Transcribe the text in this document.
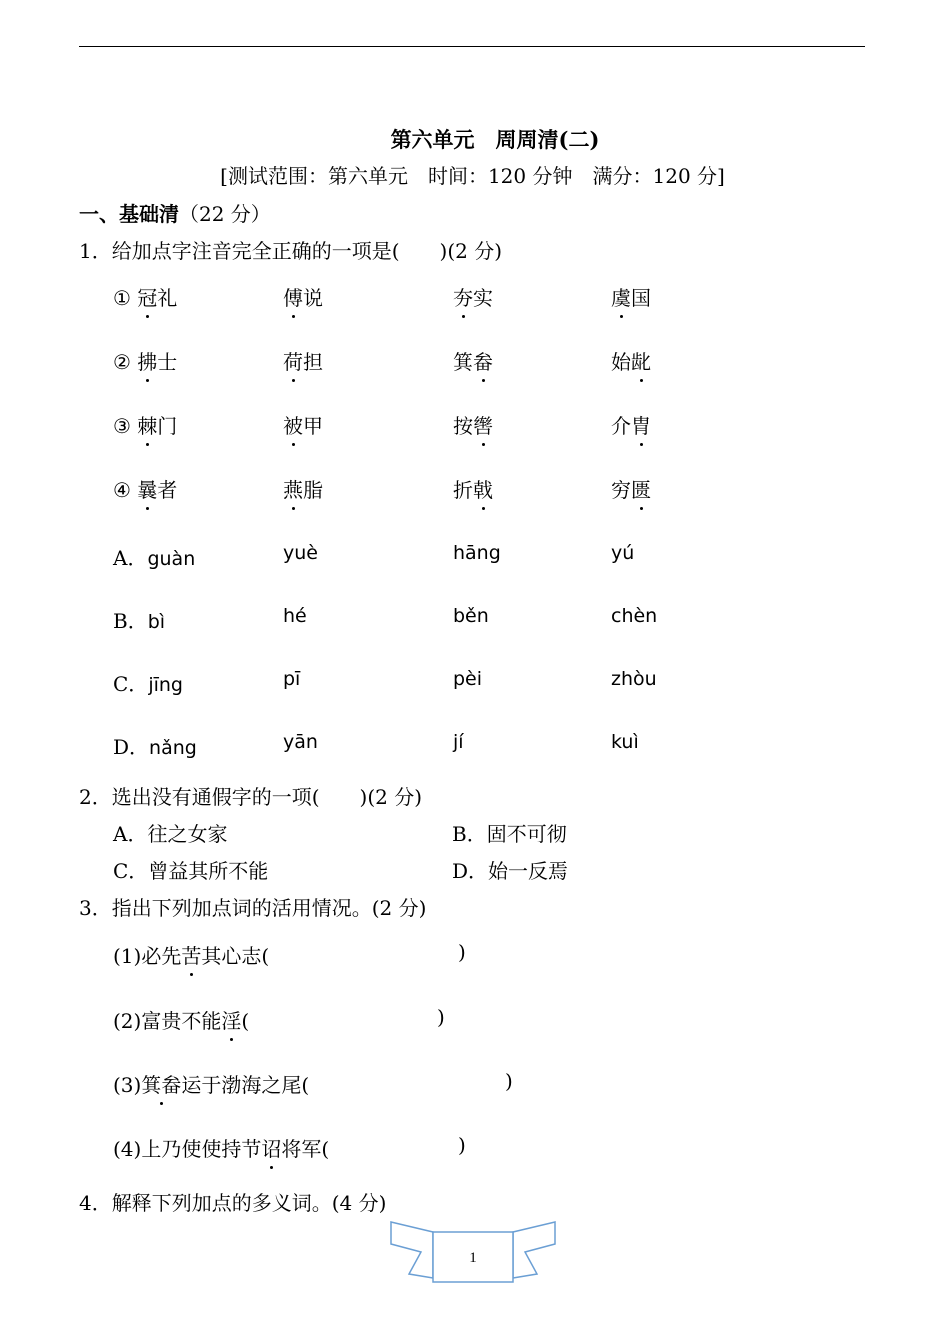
第六单元　周周清(二)
[测试范围：第六单元　时间：120 分钟　满分：120 分]
一、基础清（22 分）
1．给加点字注音完全正确的一项是(　　)(2 分)
① 冠礼	傅说	夯实	虞国
② 拂士	荷担	箕畚	始龀
③ 棘门	被甲	按辔	介胄
④ 曩者	燕脂	折戟	穷匮
A．guàn	yuè	hāng	yú
B．bì	hé	běn	chèn
C．jīng	pī	pèi	zhòu
D．nǎng	yān	jí	kuì
2．选出没有通假字的一项(　　)(2 分)
A．往之女家	B．固不可彻
C．曾益其所不能	D．始一反焉
3．指出下列加点词的活用情况。(2 分)
(1)必先苦其心志(	)
(2)富贵不能淫(	)
(3)箕畚运于渤海之尾(	)
(4)上乃使使持节诏将军(	)
4．解释下列加点的多义词。(4 分)
1
